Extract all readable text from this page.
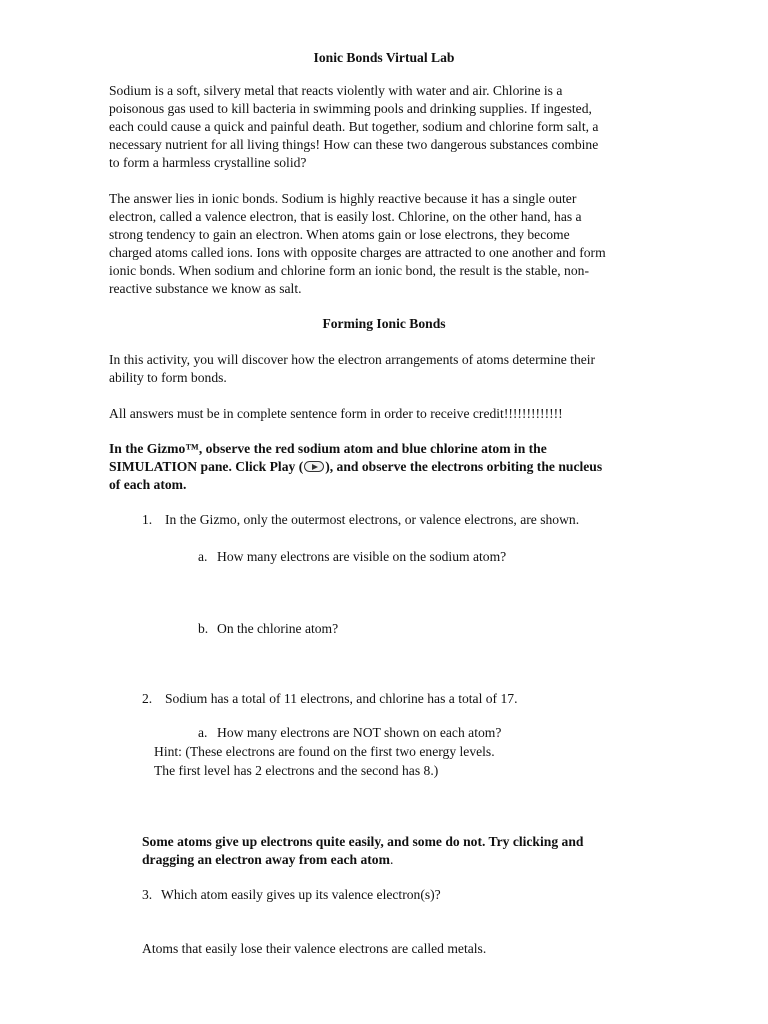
Ionic Bonds Virtual Lab
Sodium is a soft, silvery metal that reacts violently with water and air. Chlorine is a
poisonous gas used to kill bacteria in swimming pools and drinking supplies. If ingested,
each could cause a quick and painful death. But together, sodium and chlorine form salt, a
necessary nutrient for all living things! How can these two dangerous substances combine
to form a harmless crystalline solid?
The answer lies in ionic bonds. Sodium is highly reactive because it has a single outer
electron, called a valence electron, that is easily lost. Chlorine, on the other hand, has a
strong tendency to gain an electron. When atoms gain or lose electrons, they become
charged atoms called ions. Ions with opposite charges are attracted to one another and form
ionic bonds. When sodium and chlorine form an ionic bond, the result is the stable, non-
reactive substance we know as salt.
Forming Ionic Bonds
In this activity, you will discover how the electron arrangements of atoms determine their
ability to form bonds.
All answers must be in complete sentence form in order to receive credit!!!!!!!!!!!!!
In the Gizmo™, observe the red sodium atom and blue chlorine atom in the
SIMULATION pane. Click Play ( ), and observe the electrons orbiting the nucleus
of each atom.
1. In the Gizmo, only the outermost electrons, or valence electrons, are shown.
a. How many electrons are visible on the sodium atom?
b. On the chlorine atom?
2. Sodium has a total of 11 electrons, and chlorine has a total of 17.
a. How many electrons are NOT shown on each atom?
Hint: (These electrons are found on the first two energy levels.
The first level has 2 electrons and the second has 8.)
Some atoms give up electrons quite easily, and some do not. Try clicking and
dragging an electron away from each atom.
3. Which atom easily gives up its valence electron(s)?
Atoms that easily lose their valence electrons are called metals.
